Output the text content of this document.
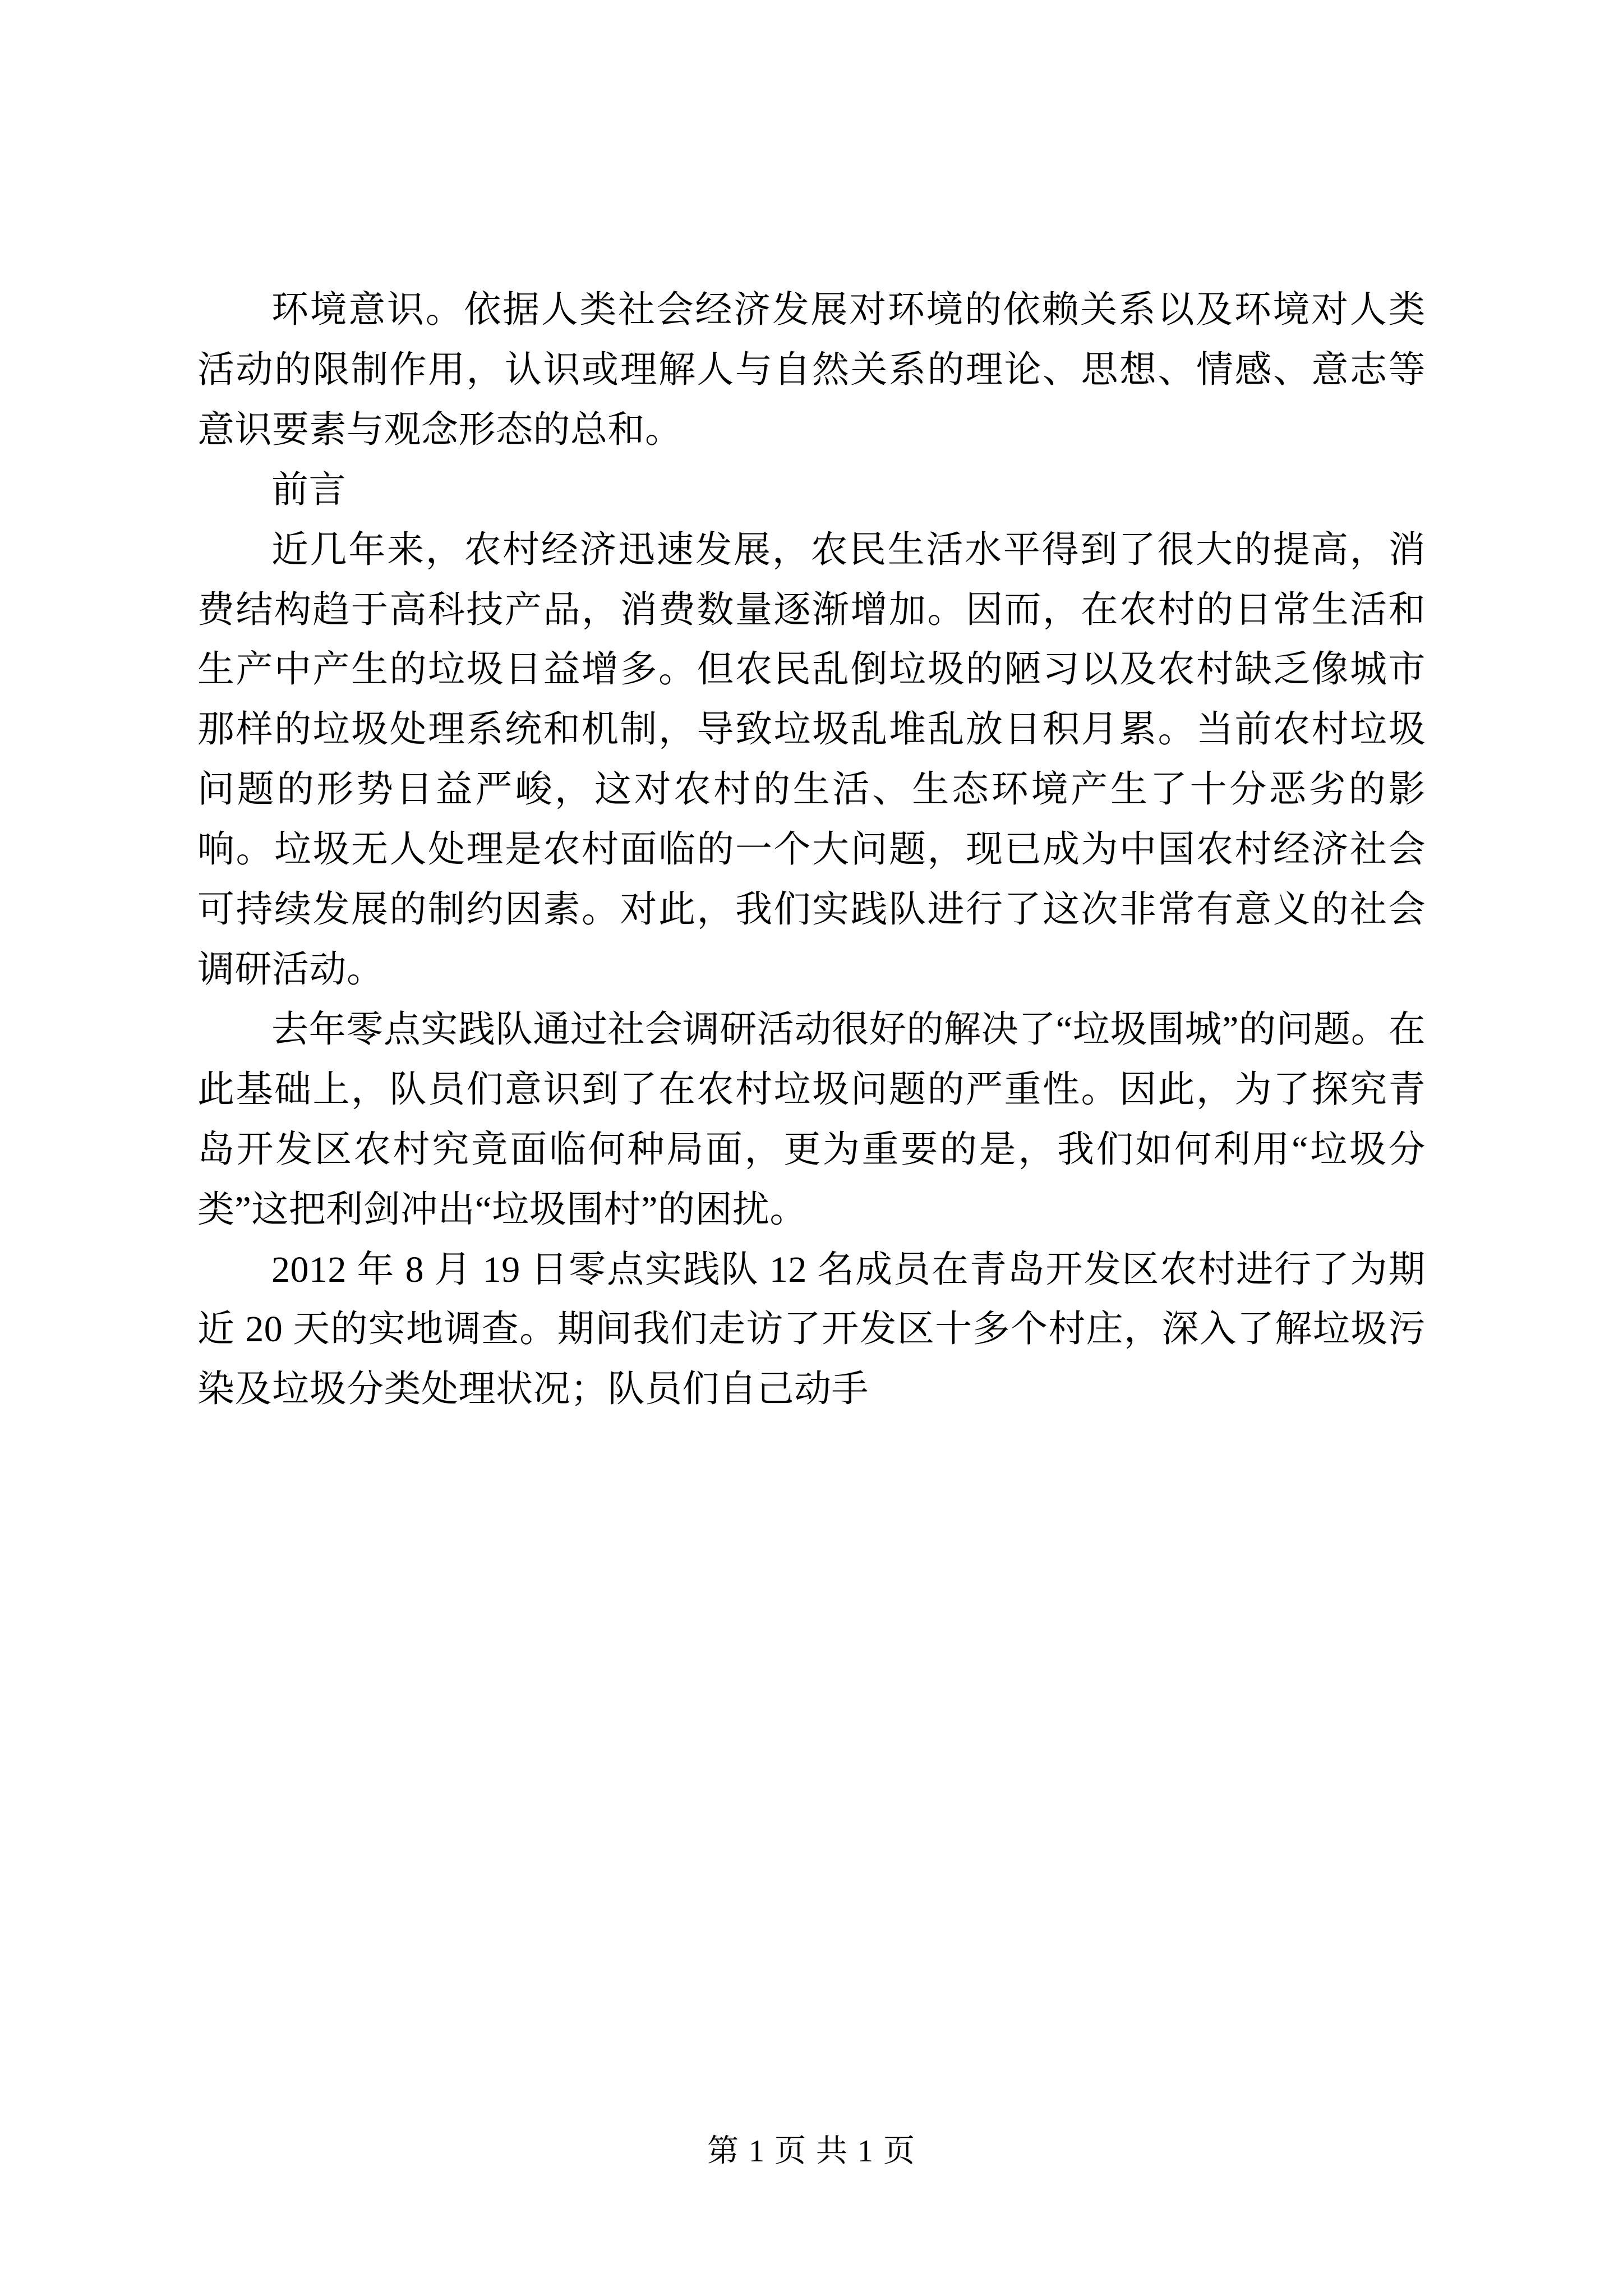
环境意识。依据人类社会经济发展对环境的依赖关系以及环境对人类活动的限制作用，认识或理解人与自然关系的理论、思想、情感、意志等意识要素与观念形态的总和。

前言

近几年来，农村经济迅速发展，农民生活水平得到了很大的提高，消费结构趋于高科技产品，消费数量逐渐增加。因而，在农村的日常生活和生产中产生的垃圾日益增多。但农民乱倒垃圾的陋习以及农村缺乏像城市那样的垃圾处理系统和机制，导致垃圾乱堆乱放日积月累。当前农村垃圾问题的形势日益严峻，这对农村的生活、生态环境产生了十分恶劣的影响。垃圾无人处理是农村面临的一个大问题，现已成为中国农村经济社会可持续发展的制约因素。对此，我们实践队进行了这次非常有意义的社会调研活动。

去年零点实践队通过社会调研活动很好的解决了“垃圾围城”的问题。在此基础上，队员们意识到了在农村垃圾问题的严重性。因此，为了探究青岛开发区农村究竟面临何种局面，更为重要的是，我们如何利用“垃圾分类”这把利剑冲出“垃圾围村”的困扰。

2012 年 8 月 19 日零点实践队 12 名成员在青岛开发区农村进行了为期近 20 天的实地调查。期间我们走访了开发区十多个村庄，深入了解垃圾污染及垃圾分类处理状况；队员们自己动手

第 1 页 共 1 页
